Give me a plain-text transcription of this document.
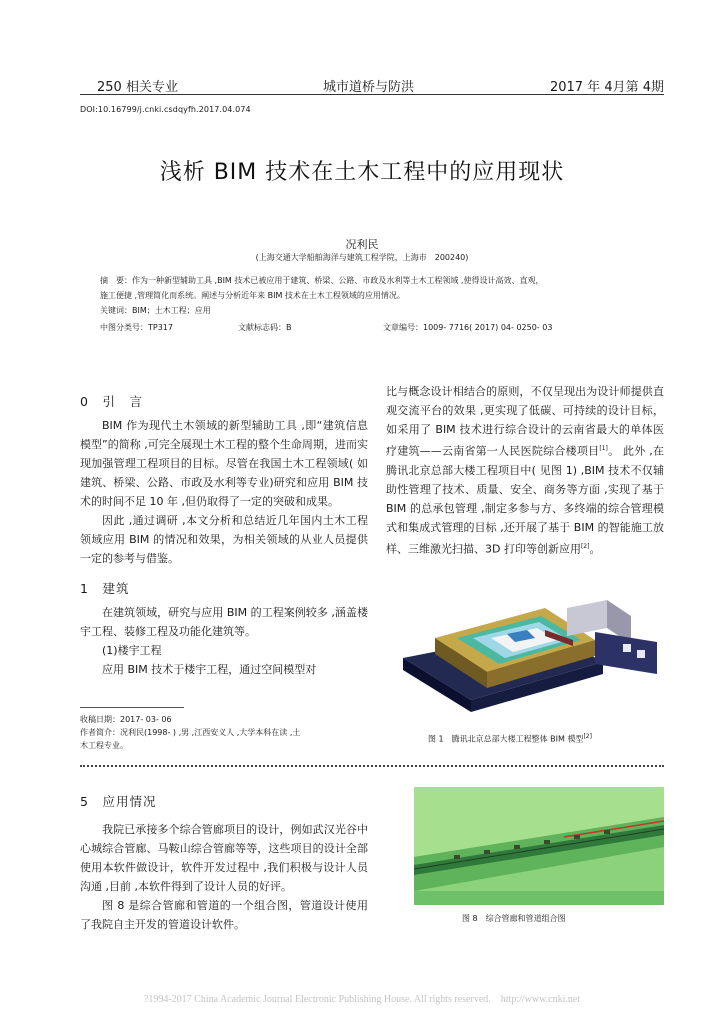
250 相关专业	城市道桥与防洪	2017 年 4月第 4期
DOI:10.16799/j.cnki.csdqyfh.2017.04.074
浅析 BIM 技术在土木工程中的应用现状
况利民
(上海交通大学船舶海洋与建筑工程学院，上海市　200240)
摘　要：作为一种新型辅助工具 ,BIM 技术已被应用于建筑、桥梁、公路、市政及水利等土木工程领域 ,使得设计高效、直观，
施工便捷 ,管理简化而系统。阐述与分析近年来 BIM 技术在土木工程领域的应用情况。
关键词：BIM；土木工程；应用
中图分类号：TP317	文献标志码：B	文章编号：1009- 7716( 2017) 04- 0250- 03
0　引　言

BIM 作为现代土木领域的新型辅助工具 ,即“建筑信息模型”的简称 ,可完全展现土木工程的整个生命周期，进而实现加强管理工程项目的目标。尽管在我国土木工程领域( 如建筑、桥梁、公路、市政及水利等专业)研究和应用 BIM 技术的时间不足 10 年 ,但仍取得了一定的突破和成果。

因此 ,通过调研 ,本文分析和总结近几年国内土木工程领域应用 BIM 的情况和效果，为相关领域的从业人员提供一定的参考与借鉴。

1　建筑

在建筑领域，研究与应用 BIM 的工程案例较多 ,涵盖楼宇工程、装修工程及功能化建筑等。

(1)楼宇工程

应用 BIM 技术于楼宇工程，通过空间模型对

收稿日期：2017- 03- 06
作者简介：况利民(1998- ) ,男 ,江西安义人 ,大学本科在读 ,土
木工程专业。

比与概念设计相结合的原则，不仅呈现出为设计师提供直观交流平台的效果 ,更实现了低碳、可持续的设计目标，如采用了 BIM 技术进行综合设计的云南省最大的单体医疗建筑——云南省第一人民医院综合楼项目[1]。 此外 ,在腾讯北京总部大楼工程项目中( 见图 1) ,BIM 技术不仅辅助性管理了技术、质量、安全、商务等方面 ,实现了基于 BIM 的总承包管理 ,制定多参与方、多终端的综合管理模式和集成式管理的目标 ,还开展了基于 BIM 的智能施工放样、三维激光扫描、3D 打印等创新应用[2]。

图 1　腾讯北京总部大楼工程整体 BIM 模型[2]
5　应用情况

我院已承接多个综合管廊项目的设计，例如武汉光谷中心城综合管廊、马鞍山综合管廊等等，这些项目的设计全部使用本软件做设计，软件开发过程中 ,我们积极与设计人员沟通 ,目前 ,本软件得到了设计人员的好评。

图 8 是综合管廊和管道的一个组合图，管道设计使用了我院自主开发的管道设计软件。	图 8　综合管廊和管道组合图
?1994-2017 China Academic Journal Electronic Publishing House. All rights reserved.　http://www.cnki.net
